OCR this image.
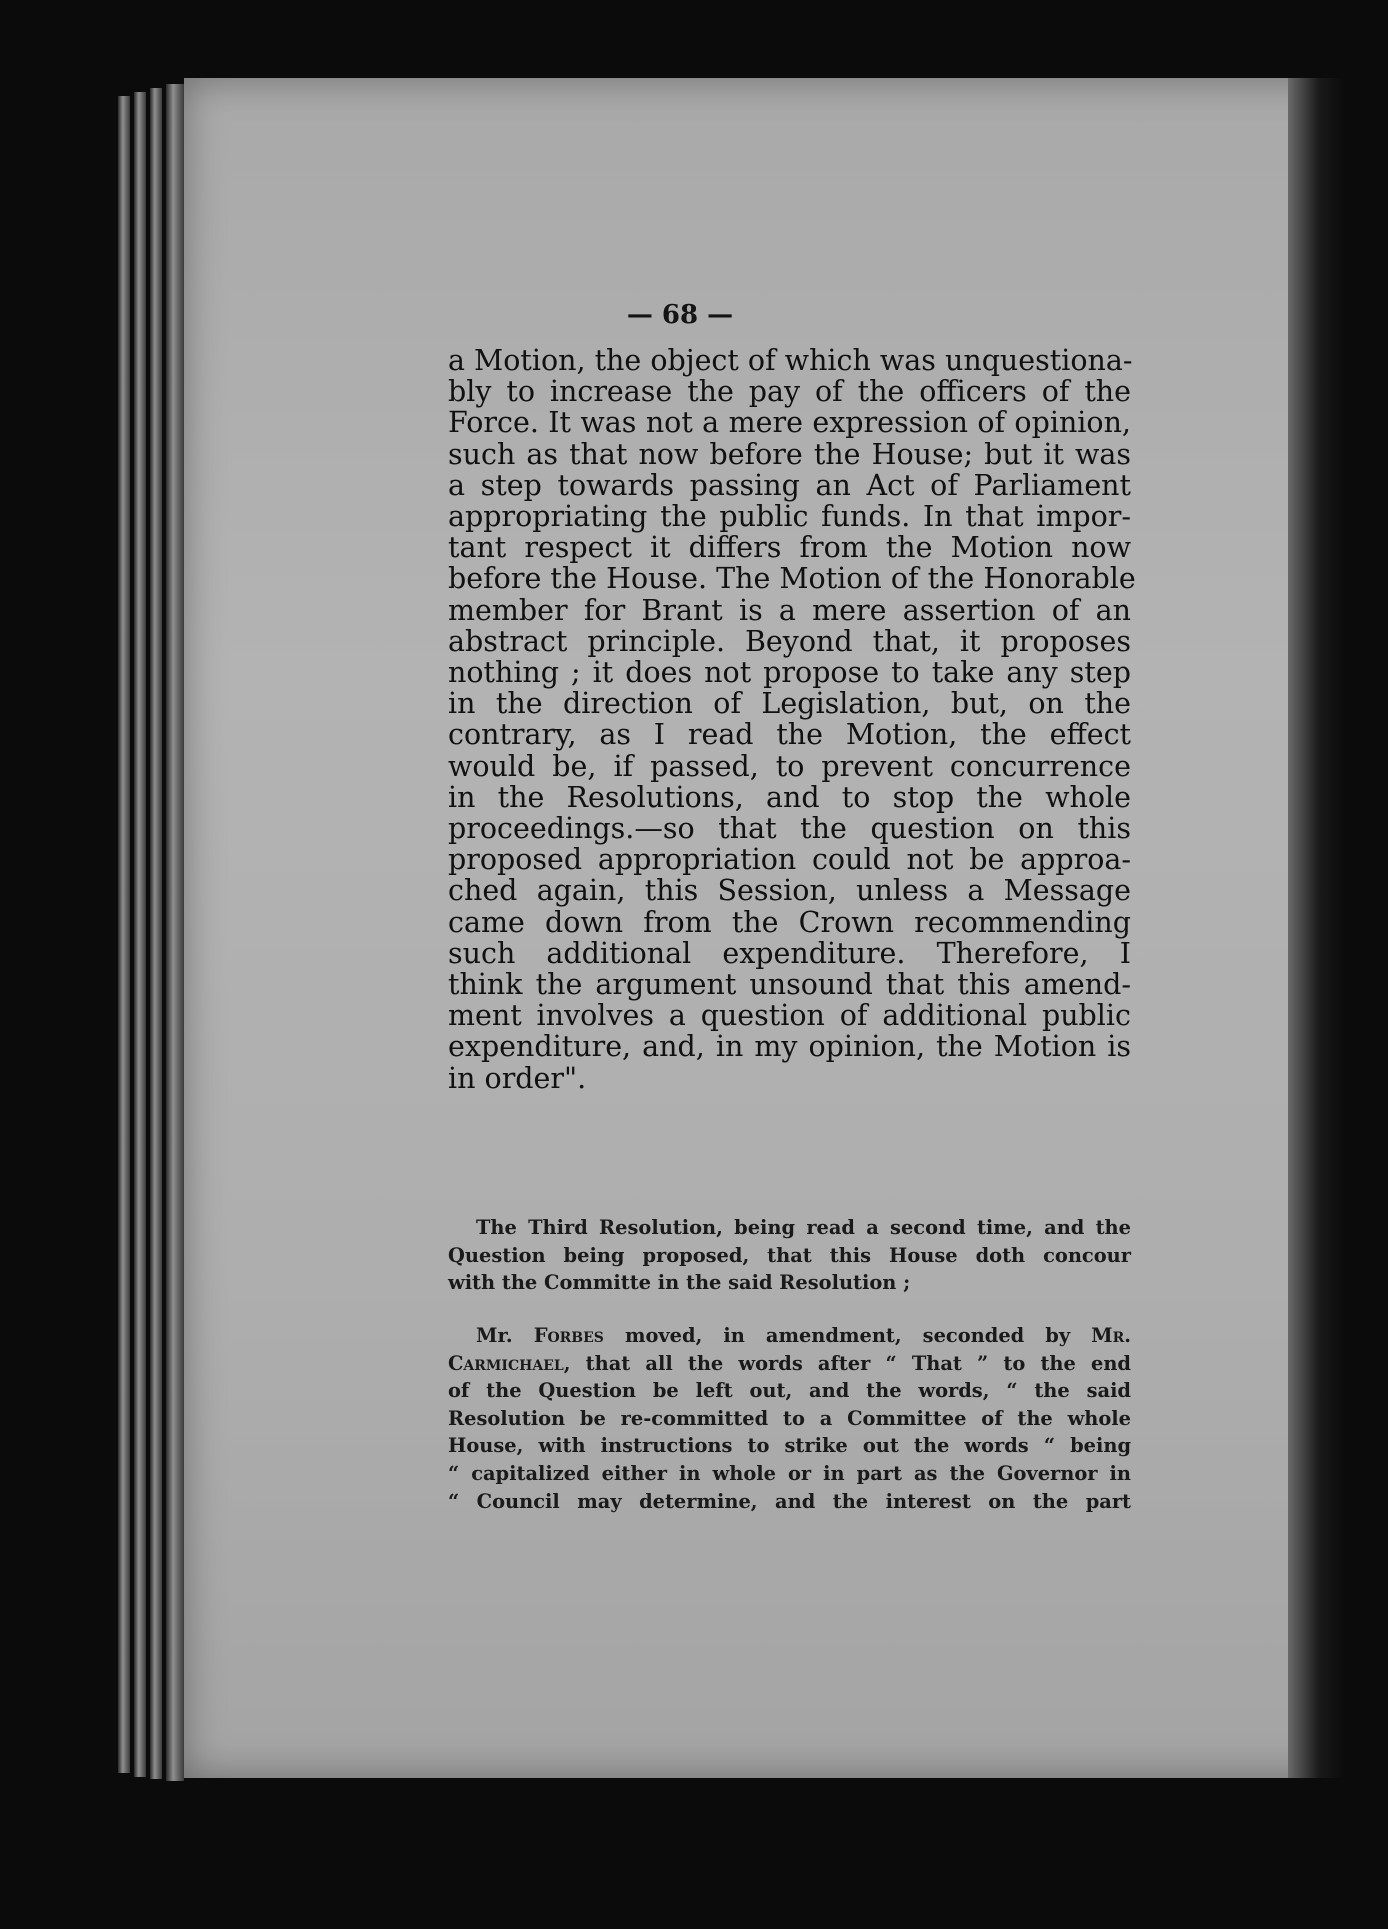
— 68 —

a Motion, the object of which was unquestiona-
bly to increase the pay of the officers of the
Force. It was not a mere expression of opinion,
such as that now before the House; but it was
a step towards passing an Act of Parliament
appropriating the public funds. In that impor-
tant respect it differs from the Motion now
before the House. The Motion of the Honorable
member for Brant is a mere assertion of an
abstract principle. Beyond that, it proposes
nothing ; it does not propose to take any step
in the direction of Legislation, but, on the
contrary, as I read the Motion, the effect
would be, if passed, to prevent concurrence
in the Resolutions, and to stop the whole
proceedings.—so that the question on this
proposed appropriation could not be approa-
ched again, this Session, unless a Message
came down from the Crown recommending
such additional expenditure. Therefore, I
think the argument unsound that this amend-
ment involves a question of additional public
expenditure, and, in my opinion, the Motion is
in order".
The Third Resolution, being read a second time, and the
Question being proposed, that this House doth concour
with the Committe in the said Resolution ;
Mr. Forbes moved, in amendment, seconded by Mr.
Carmichael, that all the words after “ That ” to the end
of the Question be left out, and the words, “ the said
Resolution be re-committed to a Committee of the whole
House, with instructions to strike out the words “ being
“ capitalized either in whole or in part as the Governor in
“ Council may determine, and the interest on the part
